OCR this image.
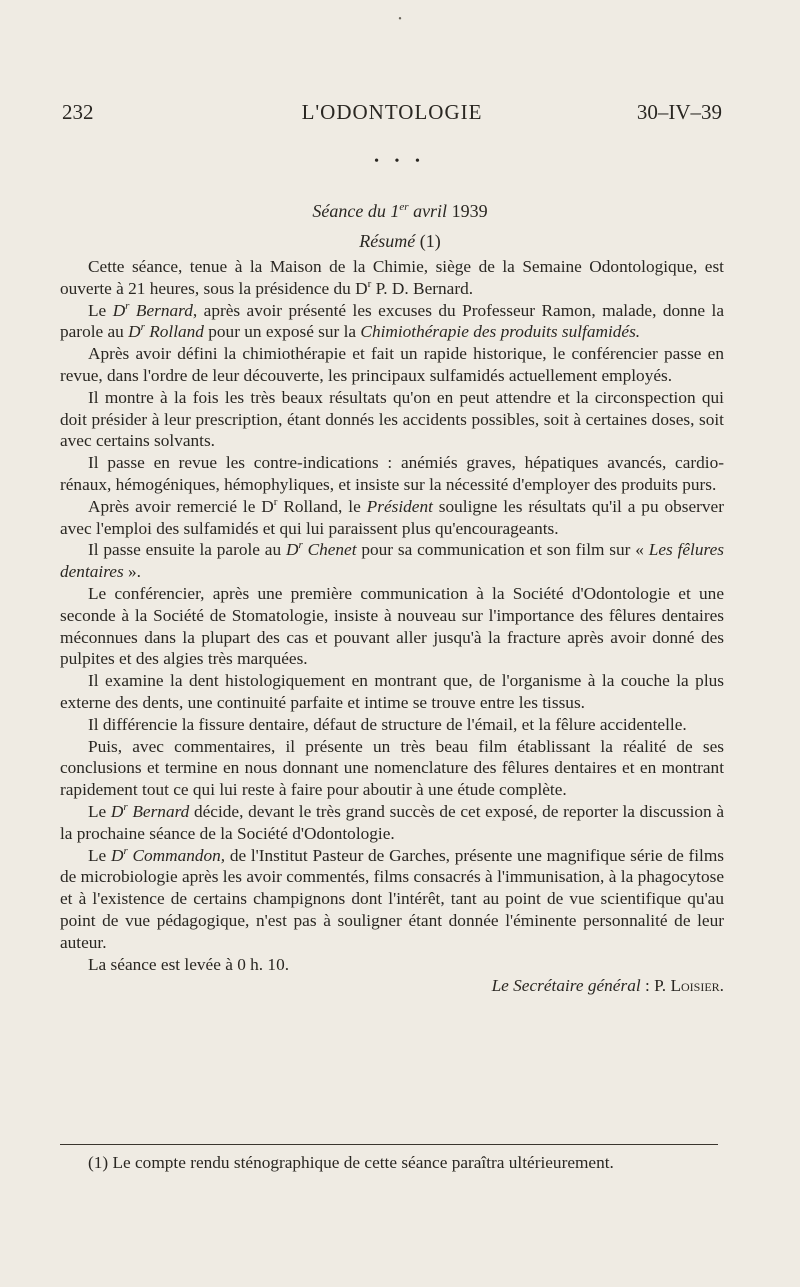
•
232	L'ODONTOLOGIE	30–IV–39
• • •
Séance du 1er avril 1939
Résumé (1)

Cette séance, tenue à la Maison de la Chimie, siège de la Semaine Odontologique, est ouverte à 21 heures, sous la présidence du $D^r$ P. D. Bernard.

Le $D^r$ Bernard, après avoir présenté les excuses du Professeur Ramon, malade, donne la parole au $D^r$ Rolland pour un exposé sur la Chimiothérapie des produits sulfamidés.

Après avoir défini la chimiothérapie et fait un rapide historique, le conférencier passe en revue, dans l'ordre de leur découverte, les principaux sulfamidés actuellement employés.

Il montre à la fois les très beaux résultats qu'on en peut attendre et la circonspection qui doit présider à leur prescription, étant donnés les accidents possibles, soit à certaines doses, soit avec certains solvants.

Il passe en revue les contre-indications : anémiés graves, hépatiques avancés, cardio-rénaux, hémogéniques, hémophyliques, et insiste sur la nécessité d'employer des produits purs.

Après avoir remercié le $D^r$ Rolland, le Président souligne les résultats qu'il a pu observer avec l'emploi des sulfamidés et qui lui paraissent plus qu'encourageants.

Il passe ensuite la parole au $D^r$ Chenet pour sa communication et son film sur « Les fêlures dentaires ».

Le conférencier, après une première communication à la Société d'Odontologie et une seconde à la Société de Stomatologie, insiste à nouveau sur l'importance des fêlures dentaires méconnues dans la plupart des cas et pouvant aller jusqu'à la fracture après avoir donné des pulpites et des algies très marquées.

Il examine la dent histologiquement en montrant que, de l'organisme à la couche la plus externe des dents, une continuité parfaite et intime se trouve entre les tissus.

Il différencie la fissure dentaire, défaut de structure de l'émail, et la fêlure accidentelle.

Puis, avec commentaires, il présente un très beau film établissant la réalité de ses conclusions et termine en nous donnant une nomenclature des fêlures dentaires et en montrant rapidement tout ce qui lui reste à faire pour aboutir à une étude complète.

Le $D^r$ Bernard décide, devant le très grand succès de cet exposé, de reporter la discussion à la prochaine séance de la Société d'Odontologie.

Le $D^r$ Commandon, de l'Institut Pasteur de Garches, présente une magnifique série de films de microbiologie après les avoir commentés, films consacrés à l'immunisation, à la phagocytose et à l'existence de certains champignons dont l'intérêt, tant au point de vue scientifique qu'au point de vue pédagogique, n'est pas à souligner étant donnée l'éminente personnalité de leur auteur.

La séance est levée à 0 h. 10.

Le Secrétaire général : P. Loisier.

(1) Le compte rendu sténographique de cette séance paraîtra ultérieurement.
